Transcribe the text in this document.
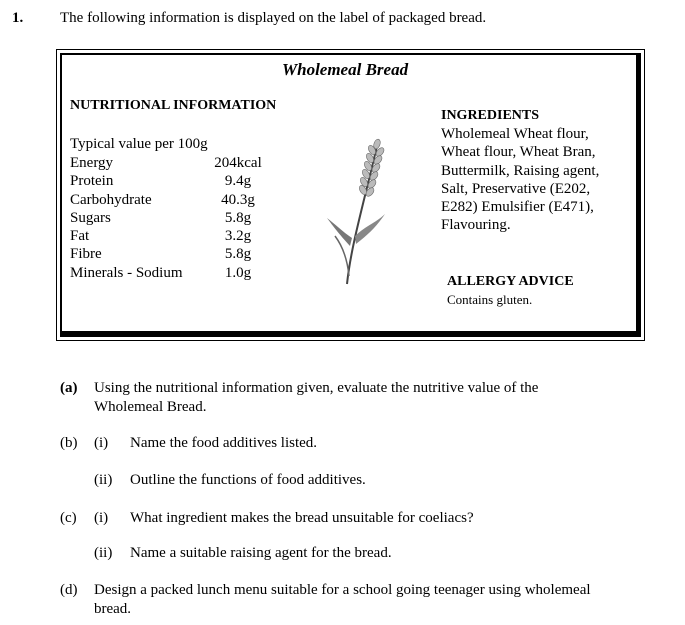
1. The following information is displayed on the label of packaged bread.
Wholemeal Bread
NUTRITIONAL INFORMATION
Typical value per 100g
Energy	204kcal
Protein	9.4g
Carbohydrate	40.3g
Sugars	5.8g
Fat	3.2g
Fibre	5.8g
Minerals - Sodium	1.0g
INGREDIENTS
Wholemeal Wheat flour,
Wheat flour, Wheat Bran,
Buttermilk, Raising agent,
Salt, Preservative (E202,
E282) Emulsifier (E471),
Flavouring.
ALLERGY ADVICE
Contains gluten.
(a) Using the nutritional information given, evaluate the nutritive value of the
Wholemeal Bread.
(b) (i) Name the food additives listed.
(ii) Outline the functions of food additives.
(c) (i) What ingredient makes the bread unsuitable for coeliacs?
(ii) Name a suitable raising agent for the bread.
(d) Design a packed lunch menu suitable for a school going teenager using wholemeal
bread.
